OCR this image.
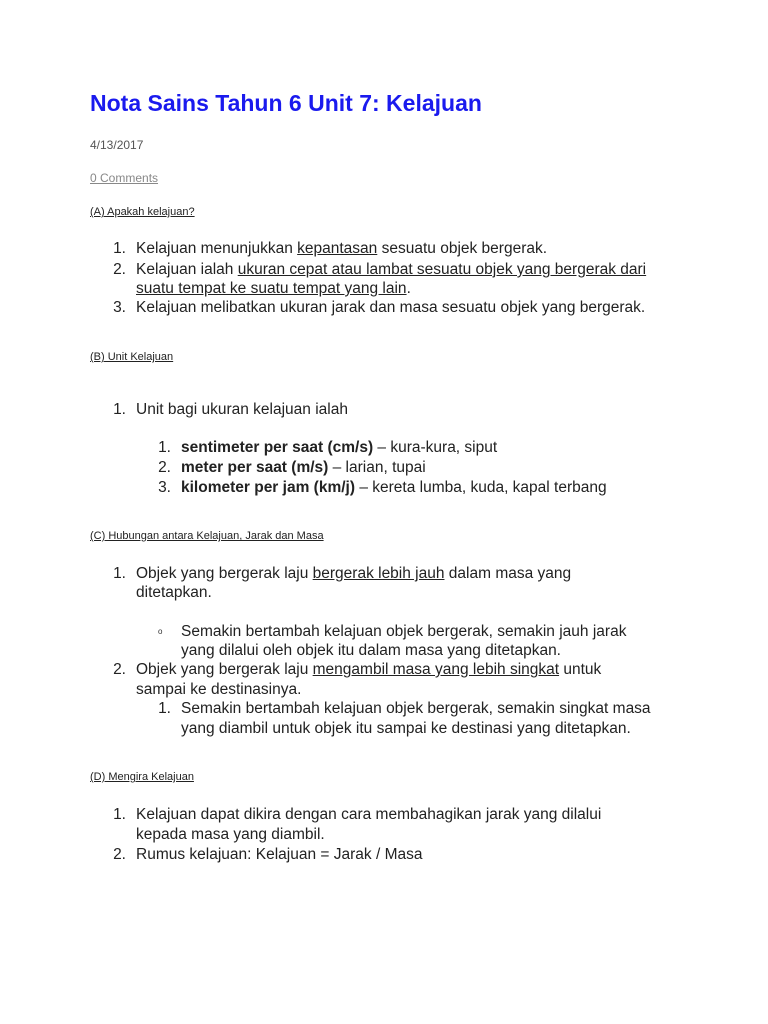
Nota Sains Tahun 6 Unit 7: Kelajuan
4/13/2017
0 Comments
(A) Apakah kelajuan?
1. Kelajuan menunjukkan kepantasan sesuatu objek bergerak.
2. Kelajuan ialah ukuran cepat atau lambat sesuatu objek yang bergerak dari
suatu tempat ke suatu tempat yang lain.
3. Kelajuan melibatkan ukuran jarak dan masa sesuatu objek yang bergerak.
(B) Unit Kelajuan
1. Unit bagi ukuran kelajuan ialah
1. sentimeter per saat (cm/s) – kura-kura, siput
2. meter per saat (m/s) – larian, tupai
3. kilometer per jam (km/j) – kereta lumba, kuda, kapal terbang
(C) Hubungan antara Kelajuan, Jarak dan Masa
1. Objek yang bergerak laju bergerak lebih jauh dalam masa yang
ditetapkan.
o Semakin bertambah kelajuan objek bergerak, semakin jauh jarak
yang dilalui oleh objek itu dalam masa yang ditetapkan.
2. Objek yang bergerak laju mengambil masa yang lebih singkat untuk
sampai ke destinasinya.
1. Semakin bertambah kelajuan objek bergerak, semakin singkat masa
yang diambil untuk objek itu sampai ke destinasi yang ditetapkan.
(D) Mengira Kelajuan
1. Kelajuan dapat dikira dengan cara membahagikan jarak yang dilalui
kepada masa yang diambil.
2. Rumus kelajuan: Kelajuan = Jarak / Masa
